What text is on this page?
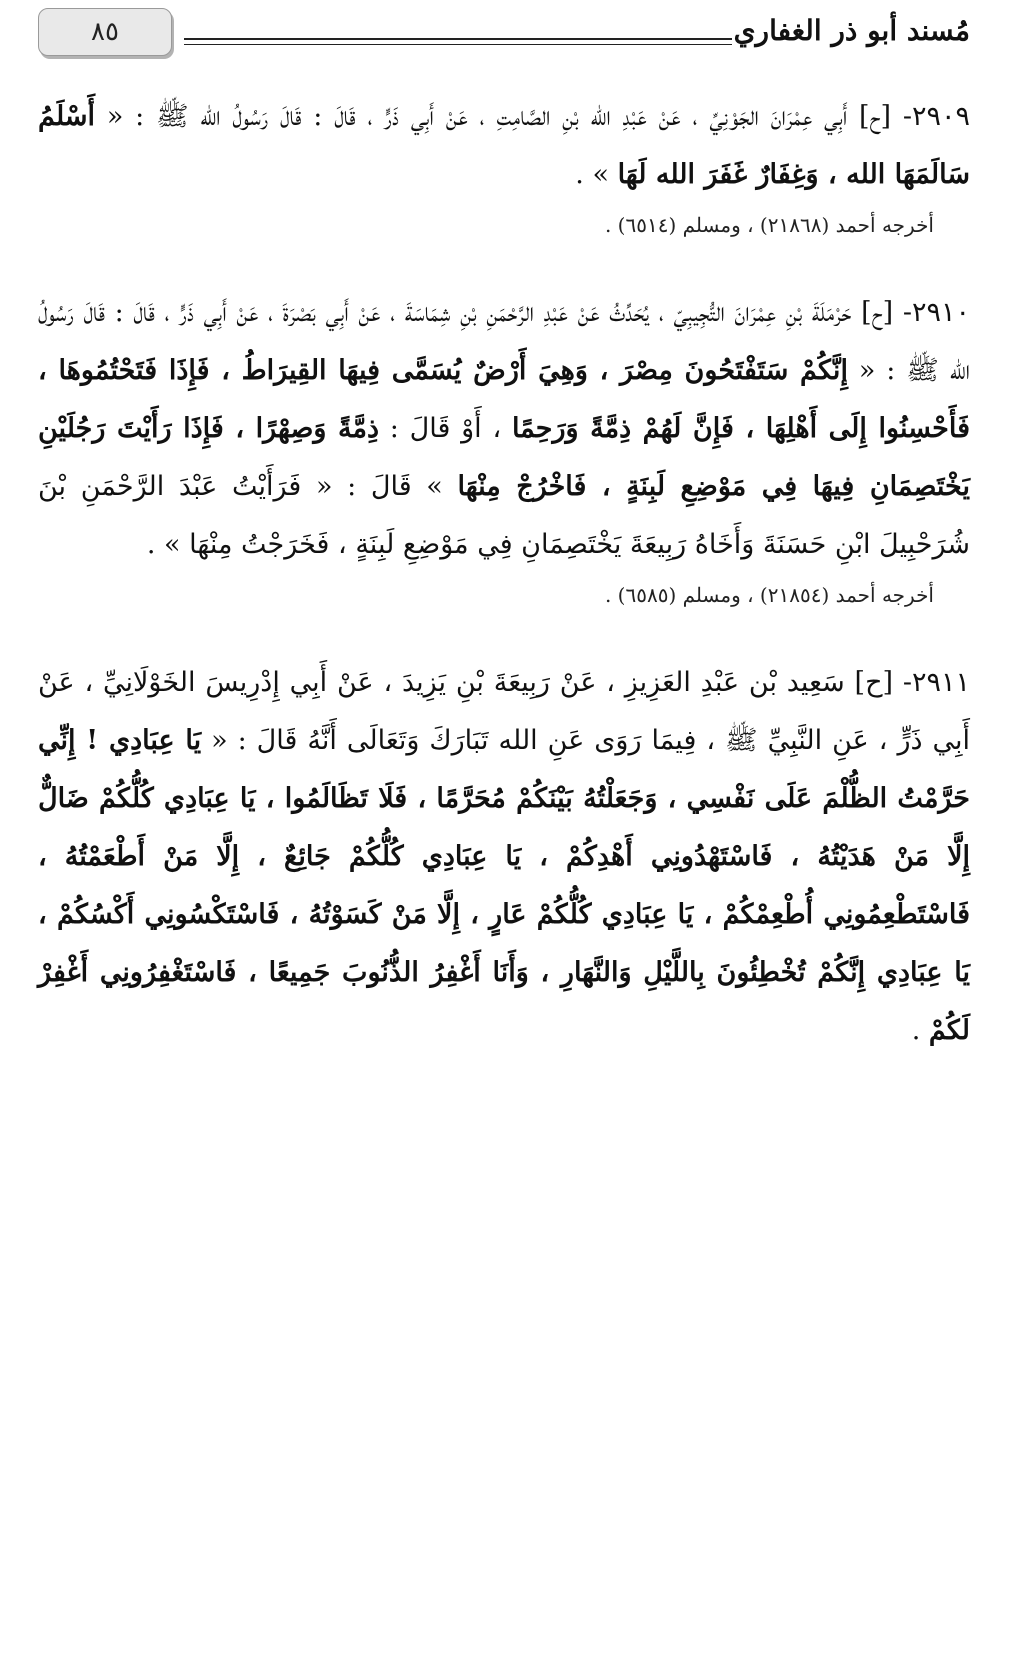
٨٥	مُسند أبو ذر الغفاري

٢٩٠٩- [ح] أَبِي عِمْرَانَ الجَوْنِيِّ ، عَنْ عَبْدِ الله بْنِ الصَّامِتِ ، عَنْ أَبِي ذَرٍّ ، قَالَ : قَالَ رَسُولُ الله ﷺ : « أَسْلَمُ سَالَمَهَا الله ، وَغِفَارٌ غَفَرَ الله لَهَا » .

أخرجه أحمد (٢١٨٦٨) ، ومسلم (٦٥١٤) .

٢٩١٠- [ح] حَرْمَلَةَ بْنِ عِمْرَانَ التُّجِيبِيّ ، يُحَدِّثُ عَنْ عَبْدِ الرَّحْمَنِ بْنِ شِمَاسَةَ ، عَنْ أَبِي بَصْرَةَ ، عَنْ أَبِي ذَرٍّ ، قَالَ : قَالَ رَسُولُ الله ﷺ : « إِنَّكُمْ سَتَفْتَحُونَ مِصْرَ ، وَهِيَ أَرْضٌ يُسَمَّى فِيهَا القِيرَاطُ ، فَإِذَا فَتَحْتُمُوهَا ، فَأَحْسِنُوا إِلَى أَهْلِهَا ، فَإِنَّ لَهُمْ ذِمَّةً وَرَحِمًا ، أَوْ قَالَ : ذِمَّةً وَصِهْرًا ، فَإِذَا رَأَيْتَ رَجُلَيْنِ يَخْتَصِمَانِ فِيهَا فِي مَوْضِعِ لَبِنَةٍ ، فَاخْرُجْ مِنْهَا » قَالَ : « فَرَأَيْتُ عَبْدَ الرَّحْمَنِ بْنَ شُرَحْبِيلَ ابْنِ حَسَنَةَ وَأَخَاهُ رَبِيعَةَ يَخْتَصِمَانِ فِي مَوْضِعِ لَبِنَةٍ ، فَخَرَجْتُ مِنْهَا » .

أخرجه أحمد (٢١٨٥٤) ، ومسلم (٦٥٨٥) .

٢٩١١- [ح] سَعِيد بْن عَبْدِ العَزِيزِ ، عَنْ رَبِيعَةَ بْنِ يَزِيدَ ، عَنْ أَبِي إِدْرِيسَ الخَوْلَانِيِّ ، عَنْ أَبِي ذَرٍّ ، عَنِ النَّبِيِّ ﷺ ، فِيمَا رَوَى عَنِ الله تَبَارَكَ وَتَعَالَى أَنَّهُ قَالَ : « يَا عِبَادِي ! إِنِّي حَرَّمْتُ الظُّلْمَ عَلَى نَفْسِي ، وَجَعَلْتُهُ بَيْنَكُمْ مُحَرَّمًا ، فَلَا تَظَالَمُوا ، يَا عِبَادِي كُلُّكُمْ ضَالٌّ إِلَّا مَنْ هَدَيْتُهُ ، فَاسْتَهْدُونِي أَهْدِكُمْ ، يَا عِبَادِي كُلُّكُمْ جَائِعٌ ، إِلَّا مَنْ أَطْعَمْتُهُ ، فَاسْتَطْعِمُونِي أُطْعِمْكُمْ ، يَا عِبَادِي كُلُّكُمْ عَارٍ ، إِلَّا مَنْ كَسَوْتُهُ ، فَاسْتَكْسُونِي أَكْسُكُمْ ، يَا عِبَادِي إِنَّكُمْ تُخْطِئُونَ بِاللَّيْلِ وَالنَّهَارِ ، وَأَنَا أَغْفِرُ الذُّنُوبَ جَمِيعًا ، فَاسْتَغْفِرُونِي أَغْفِرْ لَكُمْ .
